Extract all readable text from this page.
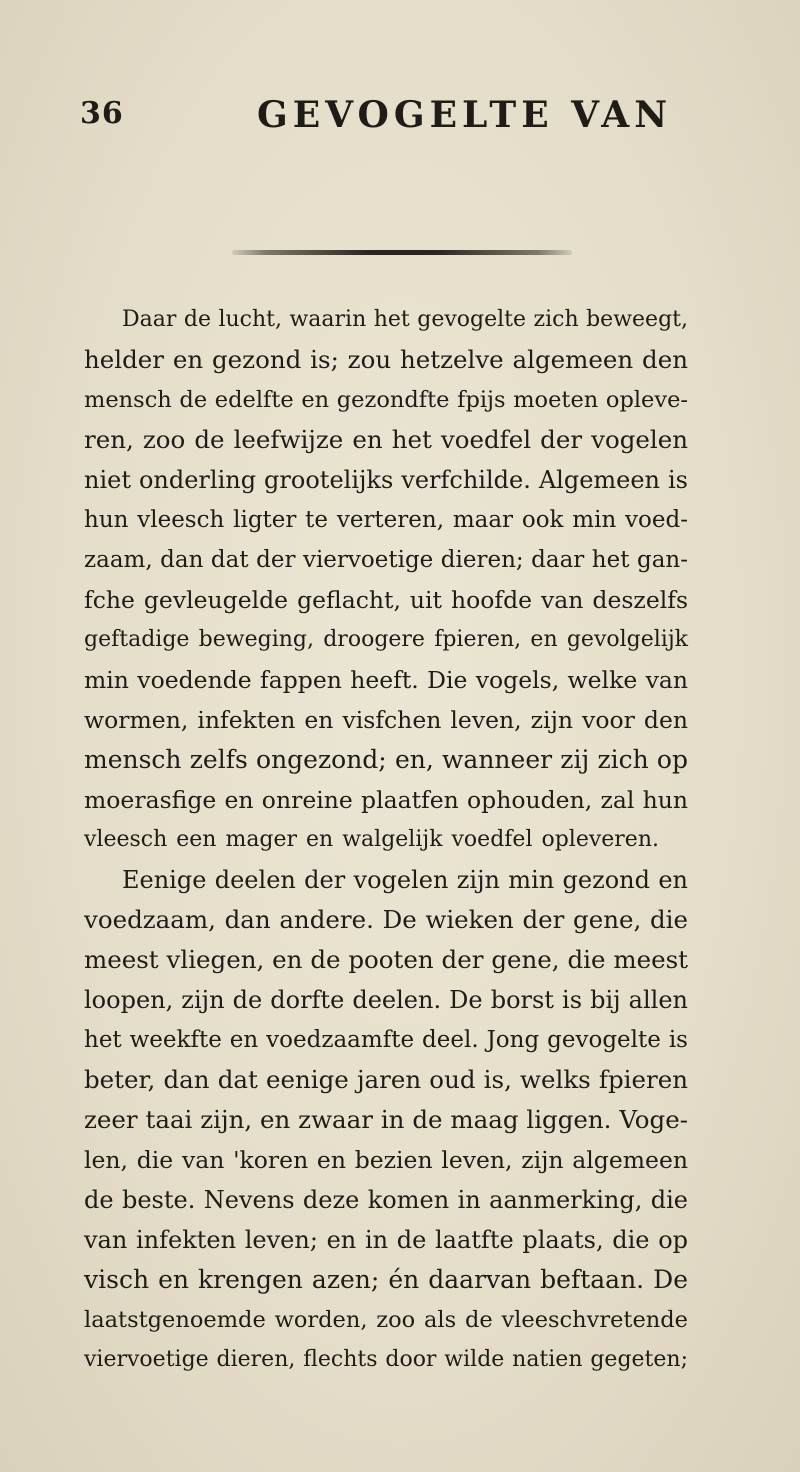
36	GEVOGELTE VAN
Daar de lucht, waarin het gevogelte zich beweegt,
helder en gezond is; zou hetzelve algemeen den
mensch de edelfte en gezondfte fpijs moeten opleve-
ren, zoo de leefwijze en het voedfel der vogelen
niet onderling grootelijks verfchilde. Algemeen is
hun vleesch ligter te verteren, maar ook min voed-
zaam, dan dat der viervoetige dieren; daar het gan-
fche gevleugelde geflacht, uit hoofde van deszelfs
geftadige beweging, droogere fpieren, en gevolgelijk
min voedende fappen heeft. Die vogels, welke van
wormen, infekten en visfchen leven, zijn voor den
mensch zelfs ongezond; en, wanneer zij zich op
moerasfige en onreine plaatfen ophouden, zal hun
vleesch een mager en walgelijk voedfel opleveren.
Eenige deelen der vogelen zijn min gezond en
voedzaam, dan andere. De wieken der gene, die
meest vliegen, en de pooten der gene, die meest
loopen, zijn de dorfte deelen. De borst is bij allen
het weekfte en voedzaamfte deel. Jong gevogelte is
beter, dan dat eenige jaren oud is, welks fpieren
zeer taai zijn, en zwaar in de maag liggen. Voge-
len, die van 'koren en bezien leven, zijn algemeen
de beste. Nevens deze komen in aanmerking, die
van infekten leven; en in de laatfte plaats, die op
visch en krengen azen; én daarvan beftaan. De
laatstgenoemde worden, zoo als de vleeschvretende
viervoetige dieren, flechts door wilde natien gegeten;
